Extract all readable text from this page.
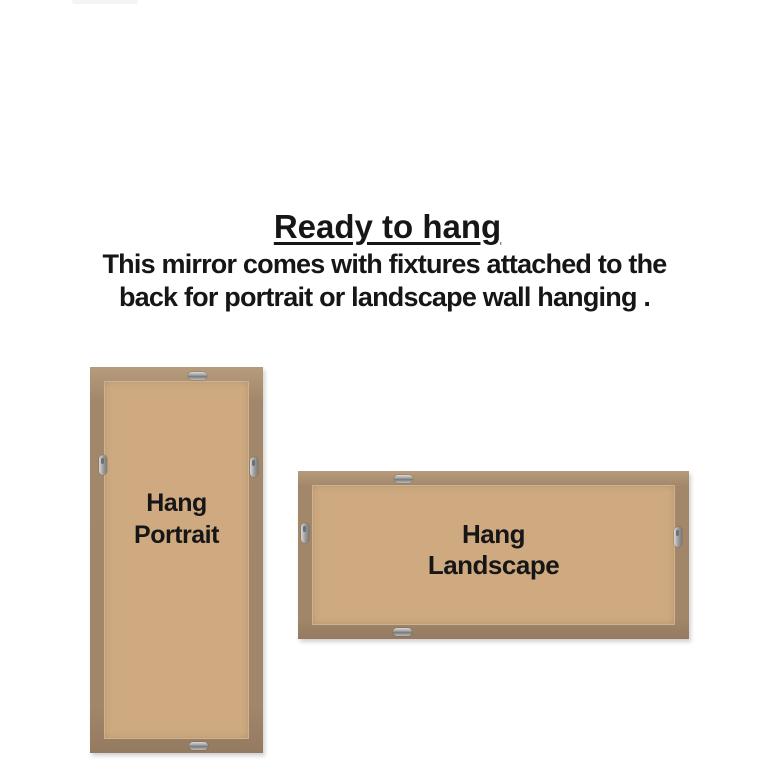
Ready to hang
This mirror comes with fixtures attached to the
back for portrait or landscape wall hanging .
Hang
Portrait	Hang
Landscape
